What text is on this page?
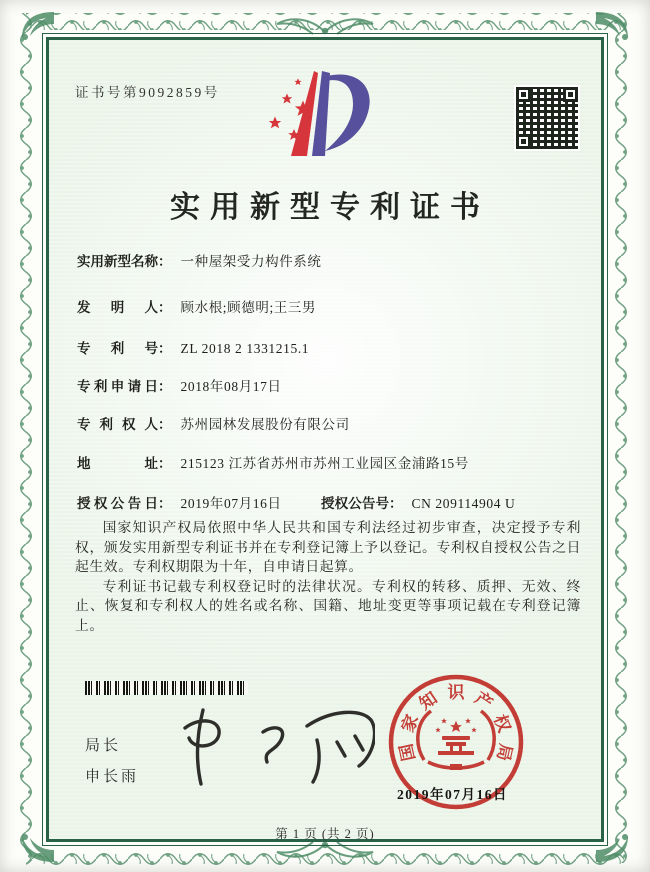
证书号第9092859号
实用新型专利证书
实用新型名称 ： 一种屋架受力构件系统
发明人 ： 顾水根;顾德明;王三男
专利号 ： ZL 2018 2 1331215.1
专利申请日 ： 2018年08月17日
专利权人 ： 苏州园林发展股份有限公司
地址 ： 215123 江苏省苏州市苏州工业园区金浦路15号
授权公告日 ： 2019年07月16日	授权公告号 ： CN 209114904 U
国家知识产权局依照中华人民共和国专利法经过初步审查，决定授予专利权，颁发实用新型专利证书并在专利登记簿上予以登记。专利权自授权公告之日起生效。专利权期限为十年，自申请日起算。
专利证书记载专利权登记时的法律状况。专利权的转移、质押、无效、终止、恢复和专利权人的姓名或名称、国籍、地址变更等事项记载在专利登记簿上。
局长
申长雨
国
家
知 识 产
权
局
2019年07月16日
第 1 页 (共 2 页)
